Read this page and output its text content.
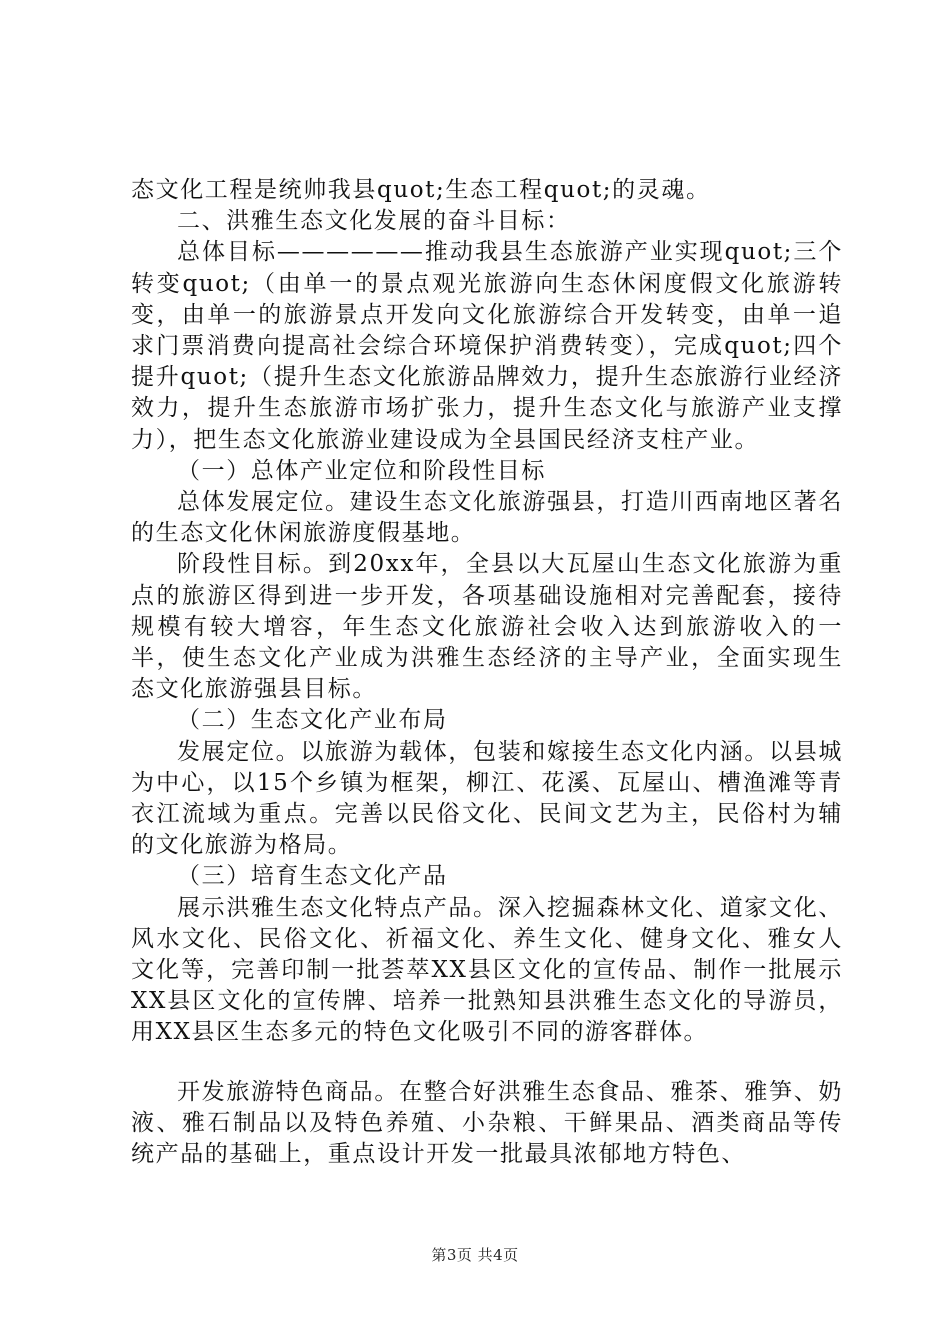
态文化工程是统帅我县quot;生态工程quot;的灵魂。

二、洪雅生态文化发展的奋斗目标：

总体目标——————推动我县生态旅游产业实现quot;三个转变quot;（由单一的景点观光旅游向生态休闲度假文化旅游转变，由单一的旅游景点开发向文化旅游综合开发转变，由单一追求门票消费向提高社会综合环境保护消费转变），完成quot;四个提升quot;（提升生态文化旅游品牌效力，提升生态旅游行业经济效力，提升生态旅游市场扩张力，提升生态文化与旅游产业支撑力），把生态文化旅游业建设成为全县国民经济支柱产业。

（一）总体产业定位和阶段性目标

总体发展定位。建设生态文化旅游强县，打造川西南地区著名的生态文化休闲旅游度假基地。

阶段性目标。到20xx年，全县以大瓦屋山生态文化旅游为重点的旅游区得到进一步开发，各项基础设施相对完善配套，接待规模有较大增容，年生态文化旅游社会收入达到旅游收入的一半，使生态文化产业成为洪雅生态经济的主导产业，全面实现生态文化旅游强县目标。

（二）生态文化产业布局

发展定位。以旅游为载体，包装和嫁接生态文化内涵。以县城为中心，以15个乡镇为框架，柳江、花溪、瓦屋山、槽渔滩等青衣江流域为重点。完善以民俗文化、民间文艺为主，民俗村为辅的文化旅游为格局。

（三）培育生态文化产品

展示洪雅生态文化特点产品。深入挖掘森林文化、道家文化、风水文化、民俗文化、祈福文化、养生文化、健身文化、雅女人文化等，完善印制一批荟萃XX县区文化的宣传品、制作一批展示XX县区文化的宣传牌、培养一批熟知县洪雅生态文化的导游员，用XX县区生态多元的特色文化吸引不同的游客群体。

开发旅游特色商品。在整合好洪雅生态食品、雅茶、雅笋、奶液、雅石制品以及特色养殖、小杂粮、干鲜果品、酒类商品等传统产品的基础上，重点设计开发一批最具浓郁地方特色、

第3页 共4页
